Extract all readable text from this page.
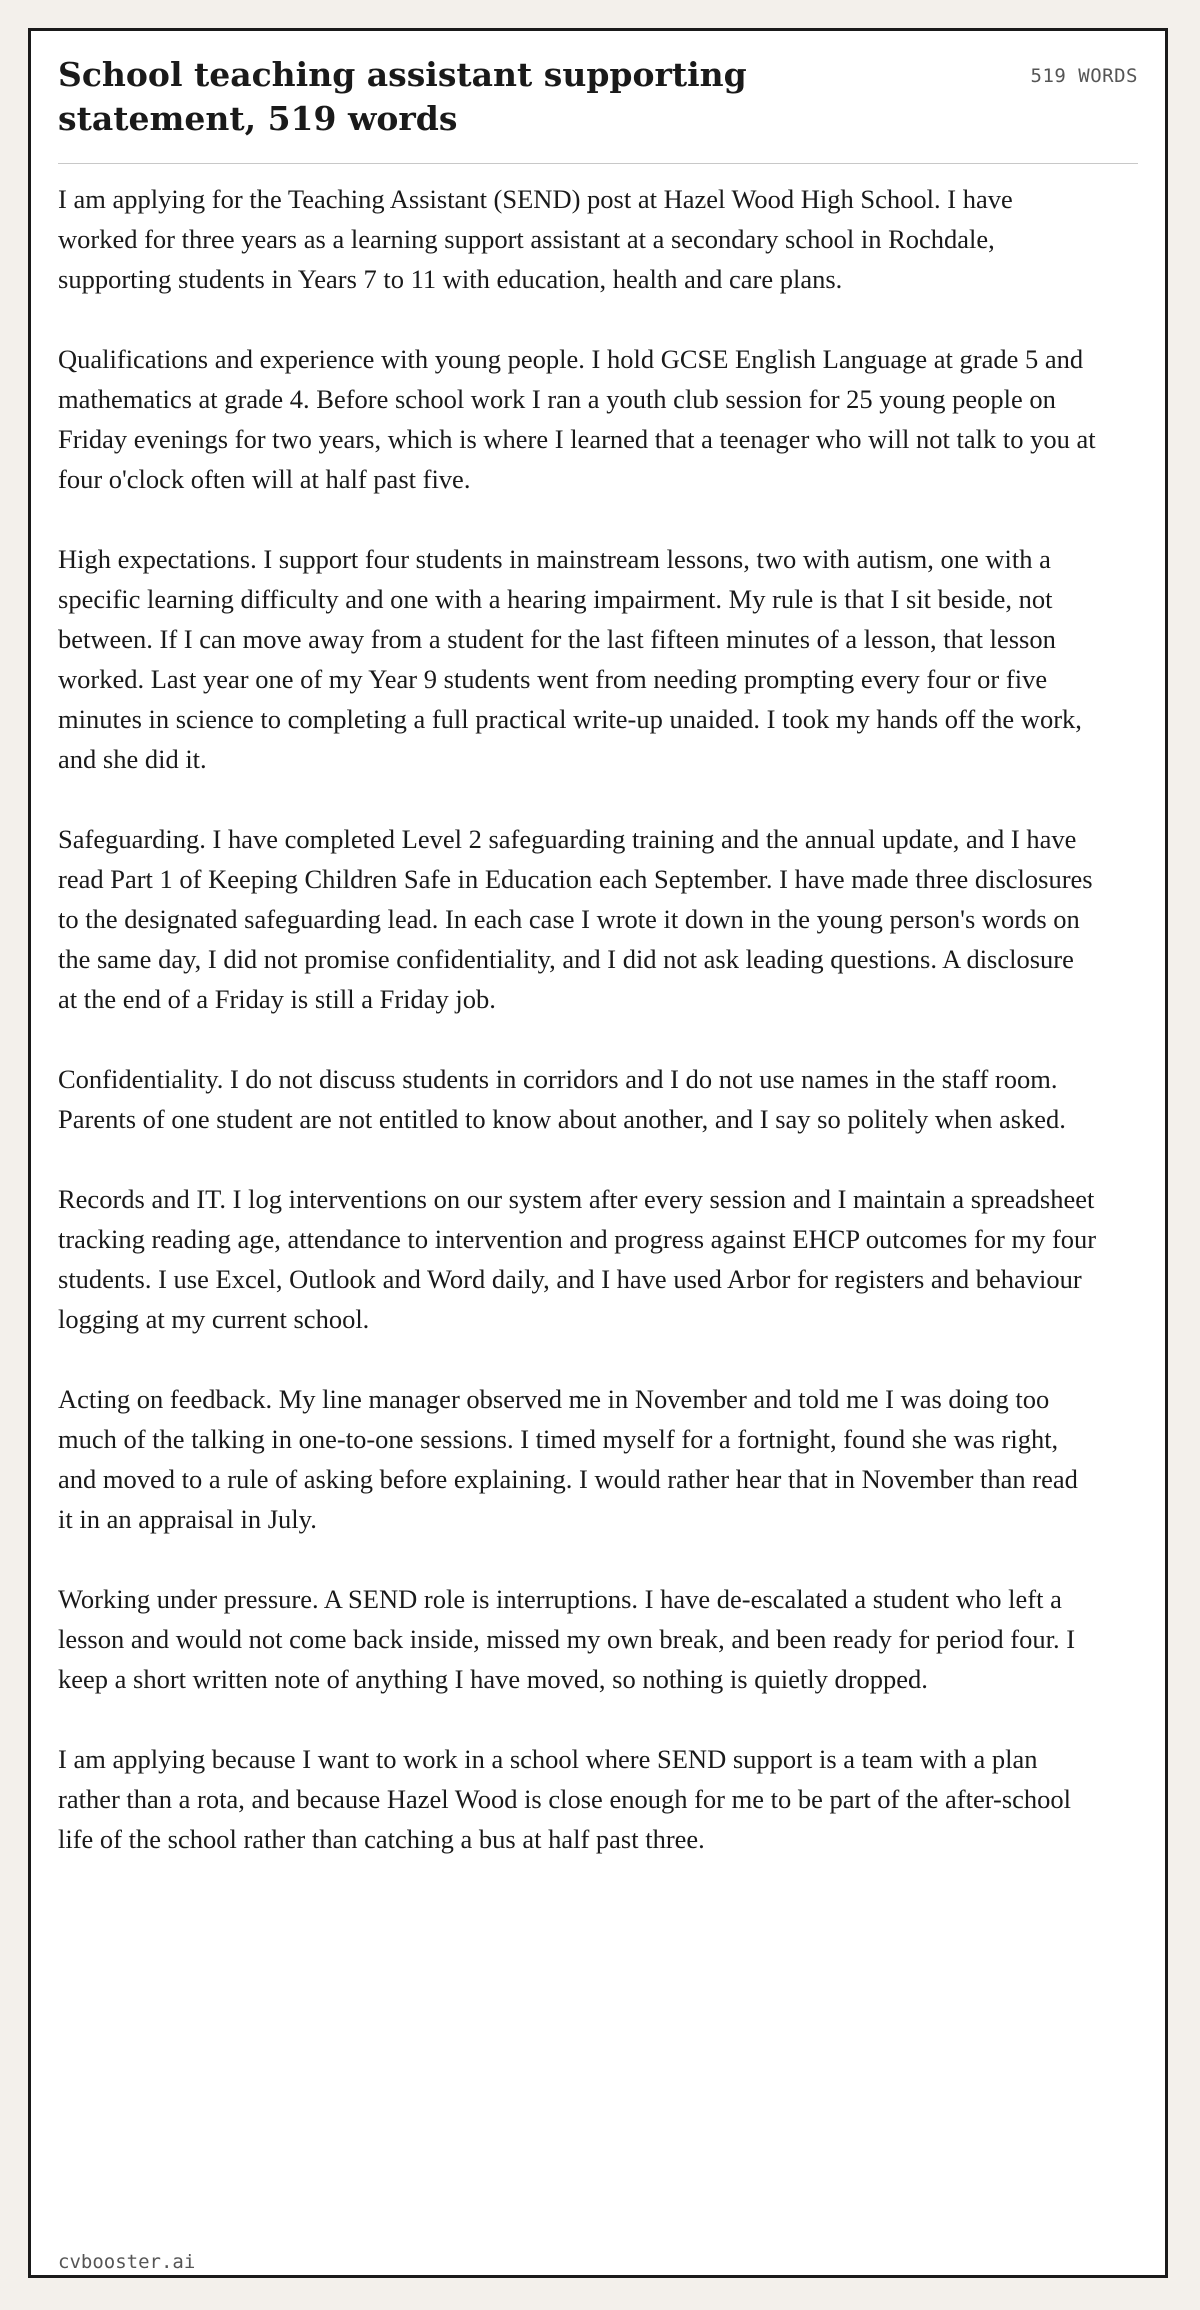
School teaching assistant supporting
statement, 519 words
519 WORDS

I am applying for the Teaching Assistant (SEND) post at Hazel Wood High School. I have worked for three years as a learning support assistant at a secondary school in Rochdale, supporting students in Years 7 to 11 with education, health and care plans.

Qualifications and experience with young people. I hold GCSE English Language at grade 5 and mathematics at grade 4. Before school work I ran a youth club session for 25 young people on Friday evenings for two years, which is where I learned that a teenager who will not talk to you at four o'clock often will at half past five.

High expectations. I support four students in mainstream lessons, two with autism, one with a specific learning difficulty and one with a hearing impairment. My rule is that I sit beside, not between. If I can move away from a student for the last fifteen minutes of a lesson, that lesson worked. Last year one of my Year 9 students went from needing prompting every four or five minutes in science to completing a full practical write-up unaided. I took my hands off the work, and she did it.

Safeguarding. I have completed Level 2 safeguarding training and the annual update, and I have read Part 1 of Keeping Children Safe in Education each September. I have made three disclosures to the designated safeguarding lead. In each case I wrote it down in the young person's words on the same day, I did not promise confidentiality, and I did not ask leading questions. A disclosure at the end of a Friday is still a Friday job.

Confidentiality. I do not discuss students in corridors and I do not use names in the staff room. Parents of one student are not entitled to know about another, and I say so politely when asked.

Records and IT. I log interventions on our system after every session and I maintain a spreadsheet tracking reading age, attendance to intervention and progress against EHCP outcomes for my four students. I use Excel, Outlook and Word daily, and I have used Arbor for registers and behaviour logging at my current school.

Acting on feedback. My line manager observed me in November and told me I was doing too much of the talking in one-to-one sessions. I timed myself for a fortnight, found she was right, and moved to a rule of asking before explaining. I would rather hear that in November than read it in an appraisal in July.

Working under pressure. A SEND role is interruptions. I have de-escalated a student who left a lesson and would not come back inside, missed my own break, and been ready for period four. I keep a short written note of anything I have moved, so nothing is quietly dropped.

I am applying because I want to work in a school where SEND support is a team with a plan rather than a rota, and because Hazel Wood is close enough for me to be part of the after-school life of the school rather than catching a bus at half past three.

cvbooster.ai
